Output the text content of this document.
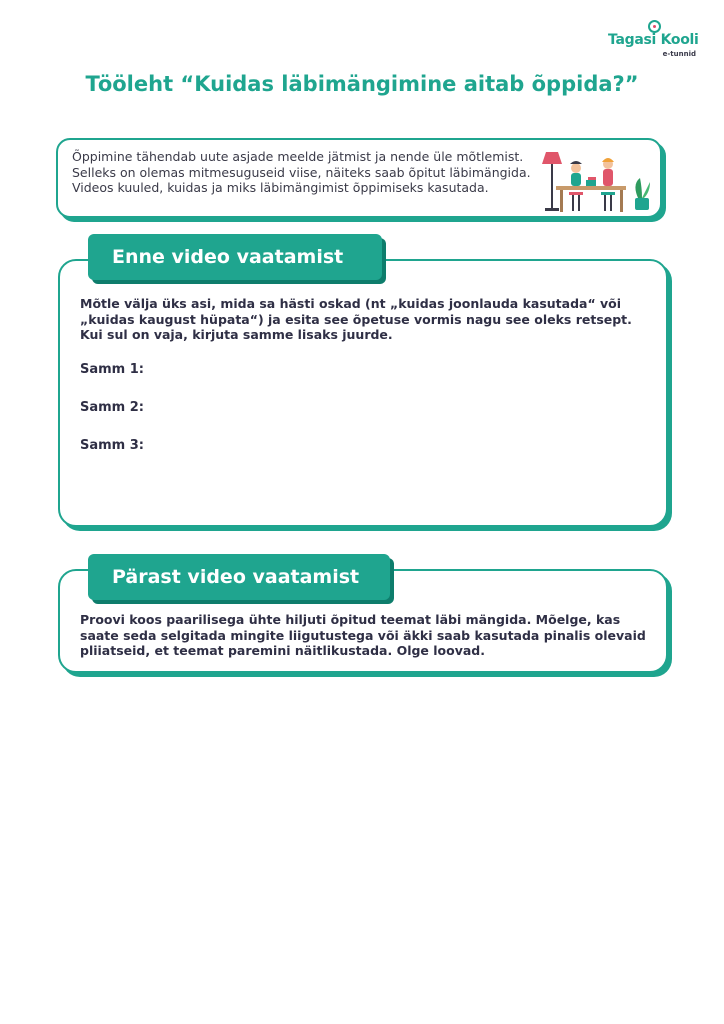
Tagasi Kooli
e-tunnid
Tööleht “Kuidas läbimängimine aitab õppida?”
Õppimine tähendab uute asjade meelde jätmist ja nende üle mõtlemist. Selleks on olemas mitmesuguseid viise, näiteks saab õpitut läbimängida. Videos kuuled, kuidas ja miks läbimängimist õppimiseks kasutada.
Enne video vaatamist
Mõtle välja üks asi, mida sa hästi oskad (nt „kuidas joonlauda kasutada“ või „kuidas kaugust hüpata“) ja esita see õpetuse vormis nagu see oleks retsept. Kui sul on vaja, kirjuta samme lisaks juurde.
Samm 1:
Samm 2:
Samm 3:
Pärast video vaatamist
Proovi koos paarilisega ühte hiljuti õpitud teemat läbi mängida. Mõelge, kas saate seda selgitada mingite liigutustega või äkki saab kasutada pinalis olevaid pliiatseid, et teemat paremini näitlikustada. Olge loovad.
